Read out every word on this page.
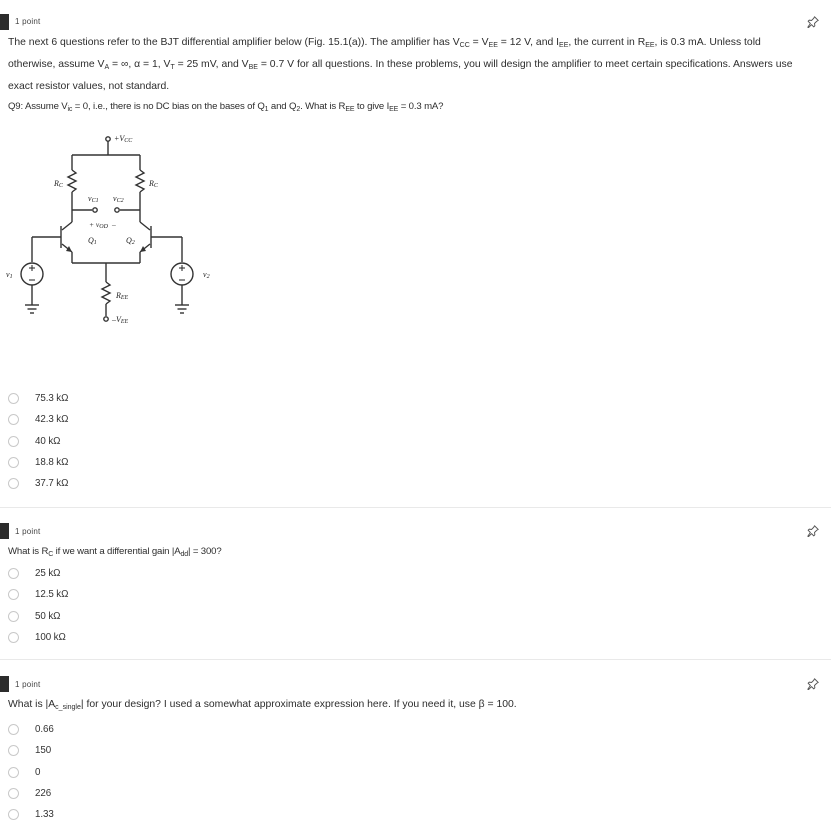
1 point
The next 6 questions refer to the BJT differential amplifier below (Fig. 15.1(a)). The amplifier has $V_{CC} = V_{EE} = 12$ V, and $I_{EE}$, the current in $R_{EE}$, is 0.3 mA. Unless told otherwise, assume $V_A$ = ∞, α = 1, $V_T = 25$ mV, and $V_{BE} = 0.7$ V for all questions. In these problems, you will design the amplifier to meet certain specifications. Answers use exact resistor values, not standard.
Q9: Assume $V_{ic} = 0$, i.e., there is no DC bias on the bases of $Q_1$ and $Q_2$. What is $R_{EE}$ to give $I_{EE} = 0.3$ mA?
+VCC
RC	RC
vC1 vC2
+ vOD –
Q1	Q2
v1	v2
REE
–VEE
75.3 kΩ
42.3 kΩ
40 kΩ
18.8 kΩ
37.7 kΩ
1 point
What is $R_C$ if we want a differential gain $|A_{dd}| = 300$?
25 kΩ
12.5 kΩ
50 kΩ
100 kΩ
1 point
What is $|A_{c\_single}|$ for your design? I used a somewhat approximate expression here. If you need it, use β = 100.
0.66
150
0
226
1.33
